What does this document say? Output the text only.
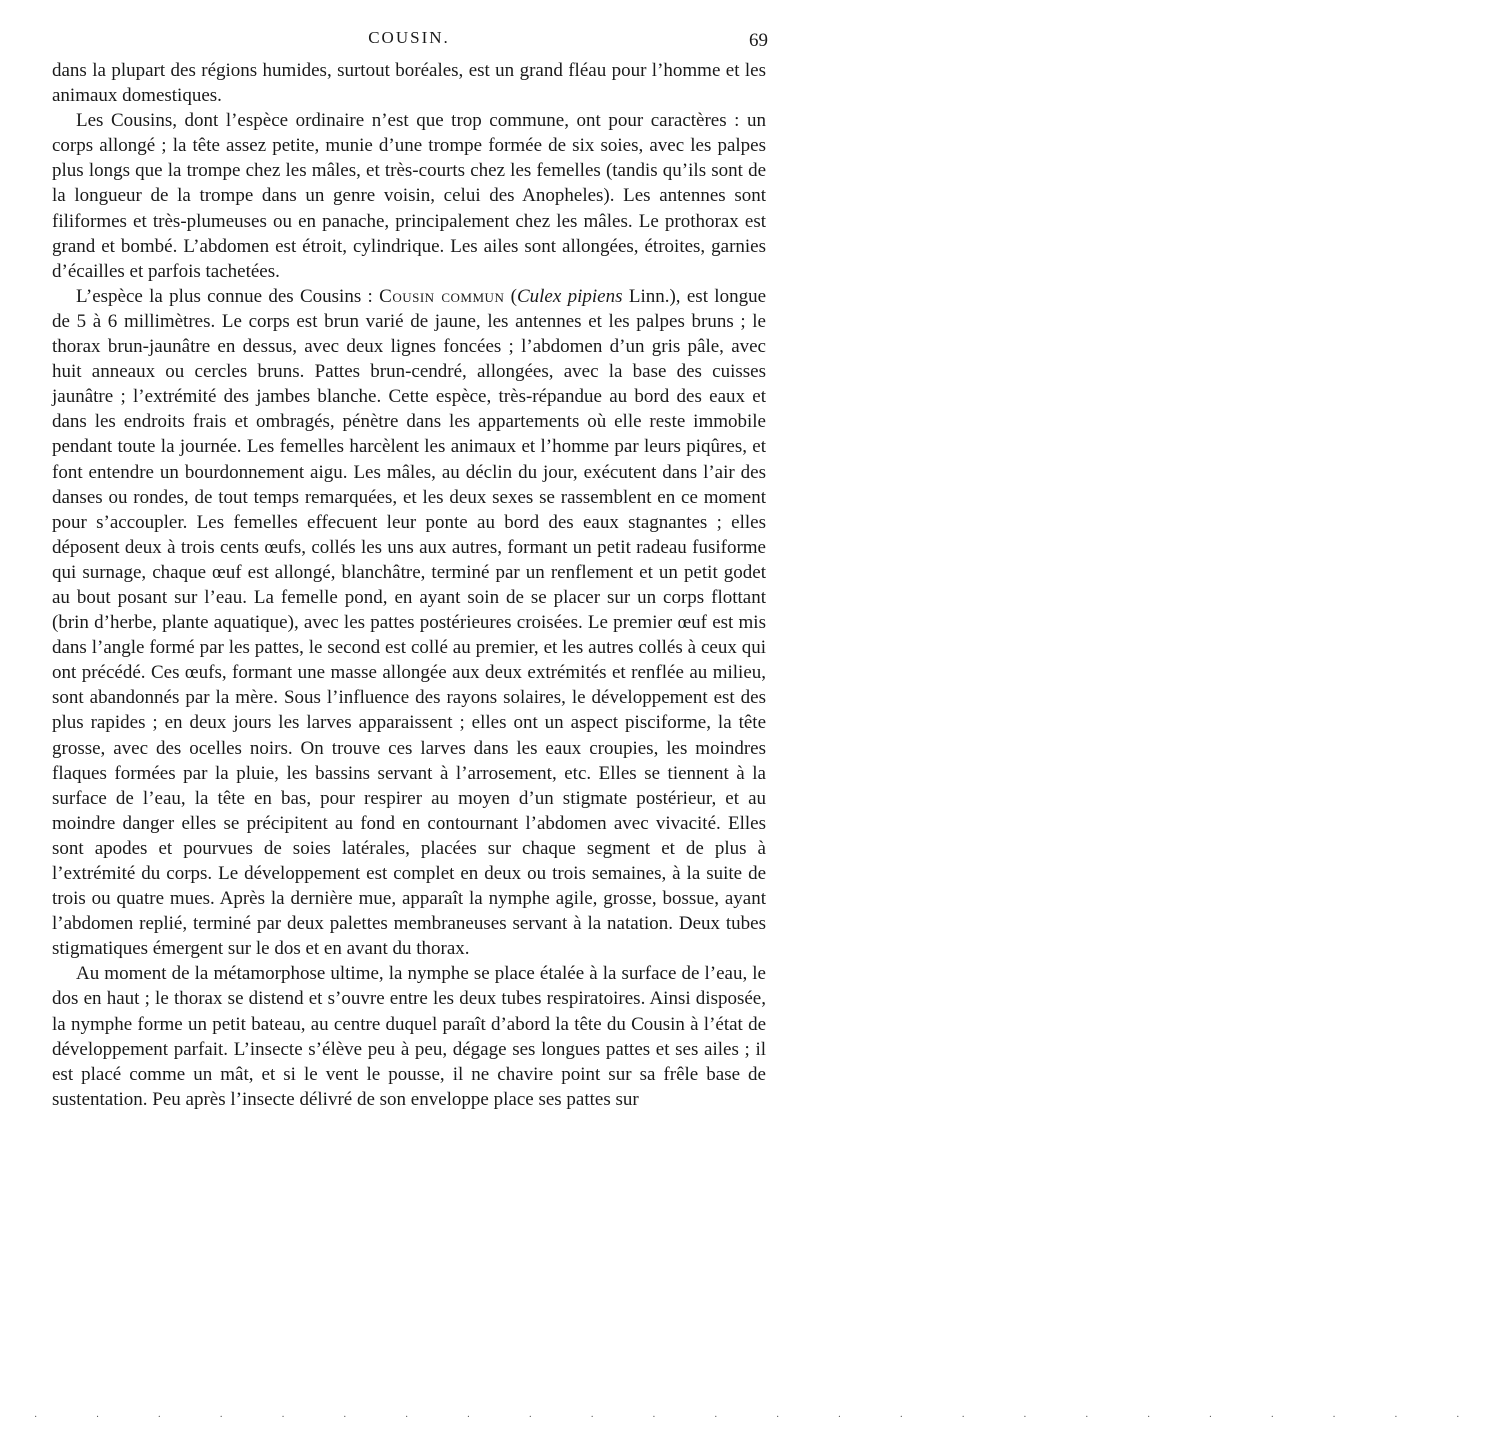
COUSIN.	69

dans la plupart des régions humides, surtout boréales, est un grand fléau pour l’homme et les animaux domestiques.

Les Cousins, dont l’espèce ordinaire n’est que trop commune, ont pour caractères : un corps allongé ; la tête assez petite, munie d’une trompe formée de six soies, avec les palpes plus longs que la trompe chez les mâles, et très-courts chez les femelles (tandis qu’ils sont de la longueur de la trompe dans un genre voisin, celui des Anopheles). Les antennes sont filiformes et très-plumeuses ou en panache, principalement chez les mâles. Le prothorax est grand et bombé. L’abdomen est étroit, cylindrique. Les ailes sont allongées, étroites, garnies d’écailles et parfois tachetées.

L’espèce la plus connue des Cousins : Cousin commun (Culex pipiens Linn.), est longue de 5 à 6 millimètres. Le corps est brun varié de jaune, les antennes et les palpes bruns ; le thorax brun-jaunâtre en dessus, avec deux lignes foncées ; l’abdomen d’un gris pâle, avec huit anneaux ou cercles bruns. Pattes brun-cendré, allongées, avec la base des cuisses jaunâtre ; l’extrémité des jambes blanche. Cette espèce, très-répandue au bord des eaux et dans les endroits frais et ombragés, pénètre dans les appartements où elle reste immobile pendant toute la journée. Les femelles harcèlent les animaux et l’homme par leurs piqûres, et font entendre un bourdonnement aigu. Les mâles, au déclin du jour, exécutent dans l’air des danses ou rondes, de tout temps remarquées, et les deux sexes se rassemblent en ce moment pour s’accoupler. Les femelles effecuent leur ponte au bord des eaux stagnantes ; elles déposent deux à trois cents œufs, collés les uns aux autres, formant un petit radeau fusiforme qui surnage, chaque œuf est allongé, blanchâtre, terminé par un renflement et un petit godet au bout posant sur l’eau. La femelle pond, en ayant soin de se placer sur un corps flottant (brin d’herbe, plante aquatique), avec les pattes postérieures croisées. Le premier œuf est mis dans l’angle formé par les pattes, le second est collé au premier, et les autres collés à ceux qui ont précédé. Ces œufs, formant une masse allongée aux deux extrémités et renflée au milieu, sont abandonnés par la mère. Sous l’influence des rayons solaires, le développement est des plus rapides ; en deux jours les larves apparaissent ; elles ont un aspect pisciforme, la tête grosse, avec des ocelles noirs. On trouve ces larves dans les eaux croupies, les moindres flaques formées par la pluie, les bassins servant à l’arrosement, etc. Elles se tiennent à la surface de l’eau, la tête en bas, pour respirer au moyen d’un stigmate postérieur, et au moindre danger elles se précipitent au fond en contournant l’abdomen avec vivacité. Elles sont apodes et pourvues de soies latérales, placées sur chaque segment et de plus à l’extrémité du corps. Le développement est complet en deux ou trois semaines, à la suite de trois ou quatre mues. Après la dernière mue, apparaît la nymphe agile, grosse, bossue, ayant l’abdomen replié, terminé par deux palettes membraneuses servant à la natation. Deux tubes stigmatiques émergent sur le dos et en avant du thorax.

Au moment de la métamorphose ultime, la nymphe se place étalée à la surface de l’eau, le dos en haut ; le thorax se distend et s’ouvre entre les deux tubes respiratoires. Ainsi disposée, la nymphe forme un petit bateau, au centre duquel paraît d’abord la tête du Cousin à l’état de développement parfait. L’insecte s’élève peu à peu, dégage ses longues pattes et ses ailes ; il est placé comme un mât, et si le vent le pousse, il ne chavire point sur sa frêle base de sustentation. Peu après l’insecte délivré de son enveloppe place ses pattes sur

· · · · · · · · · · · · · · · · · · · · · · · ·
